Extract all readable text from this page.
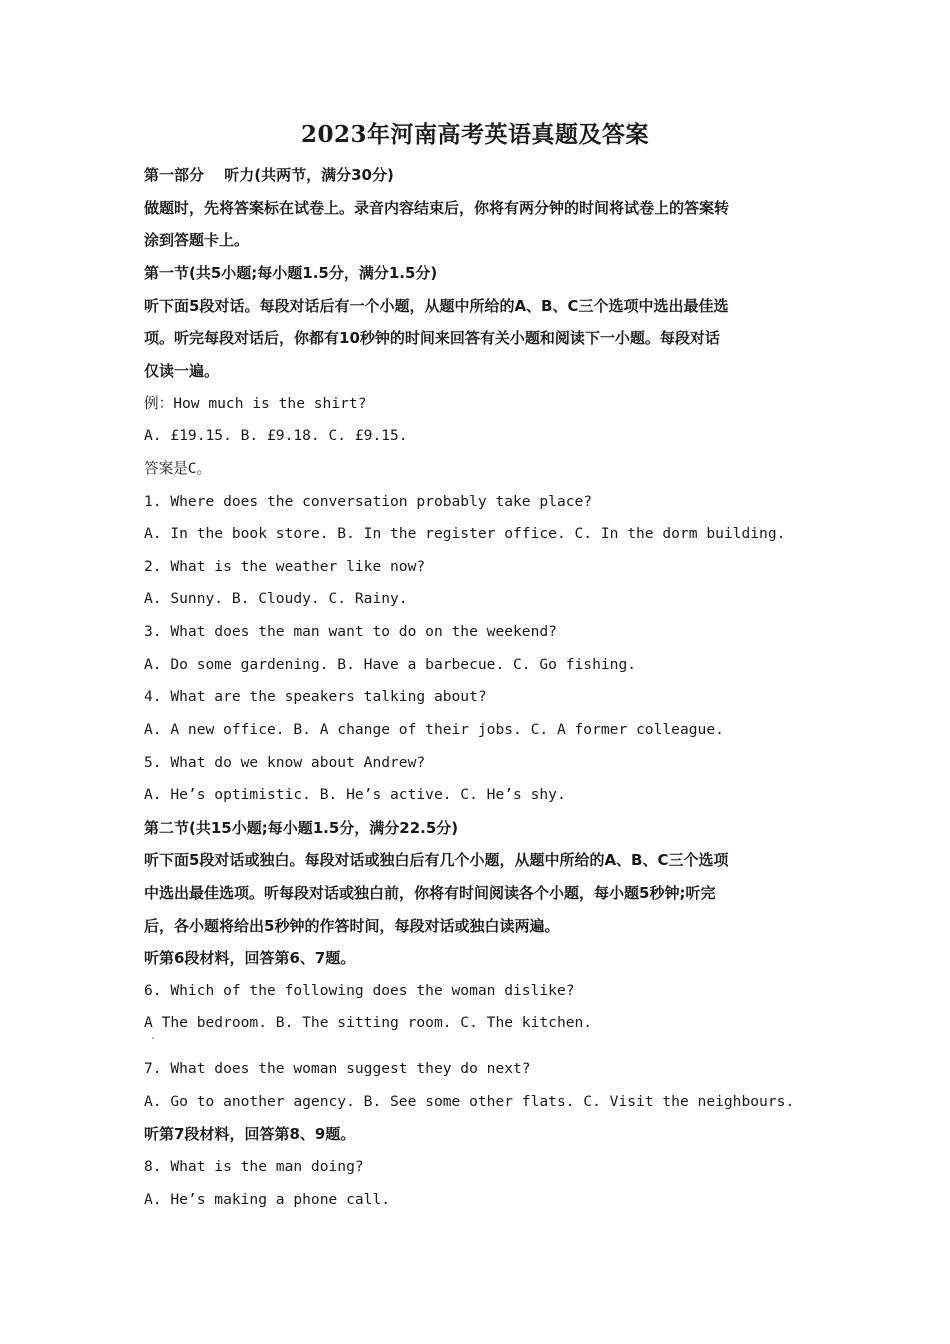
2023年河南高考英语真题及答案
第一部分　 听力(共两节，满分30分)
做题时，先将答案标在试卷上。录音内容结束后，你将有两分钟的时间将试卷上的答案转
涂到答题卡上。
第一节(共5小题;每小题1.5分，满分1.5分)
听下面5段对话。每段对话后有一个小题，从题中所给的A、B、C三个选项中选出最佳选
项。听完每段对话后，你都有10秒钟的时间来回答有关小题和阅读下一小题。每段对话
仅读一遍。
例：How much is the shirt?
A. £19.15. B. £9.18. C. £9.15.
答案是C。
1. Where does the conversation probably take place?
A. In the book store. B. In the register office. C. In the dorm building.
2. What is the weather like now?
A. Sunny. B. Cloudy. C. Rainy.
3. What does the man want to do on the weekend?
A. Do some gardening. B. Have a barbecue. C. Go fishing.
4. What are the speakers talking about?
A. A new office. B. A change of their jobs. C. A former colleague.
5. What do we know about Andrew?
A. He’s optimistic. B. He’s active. C. He’s shy.
第二节(共15小题;每小题1.5分，满分22.5分)
听下面5段对话或独白。每段对话或独白后有几个小题，从题中所给的A、B、C三个选项
中选出最佳选项。听每段对话或独白前，你将有时间阅读各个小题，每小题5秒钟;听完
后，各小题将给出5秒钟的作答时间，每段对话或独白读两遍。
听第6段材料，回答第6、7题。
6. Which of the following does the woman dislike?
A The bedroom. B. The sitting room. C. The kitchen.
7. What does the woman suggest they do next?
A. Go to another agency. B. See some other flats. C. Visit the neighbours.
听第7段材料，回答第8、9题。
8. What is the man doing?
A. He’s making a phone call.
